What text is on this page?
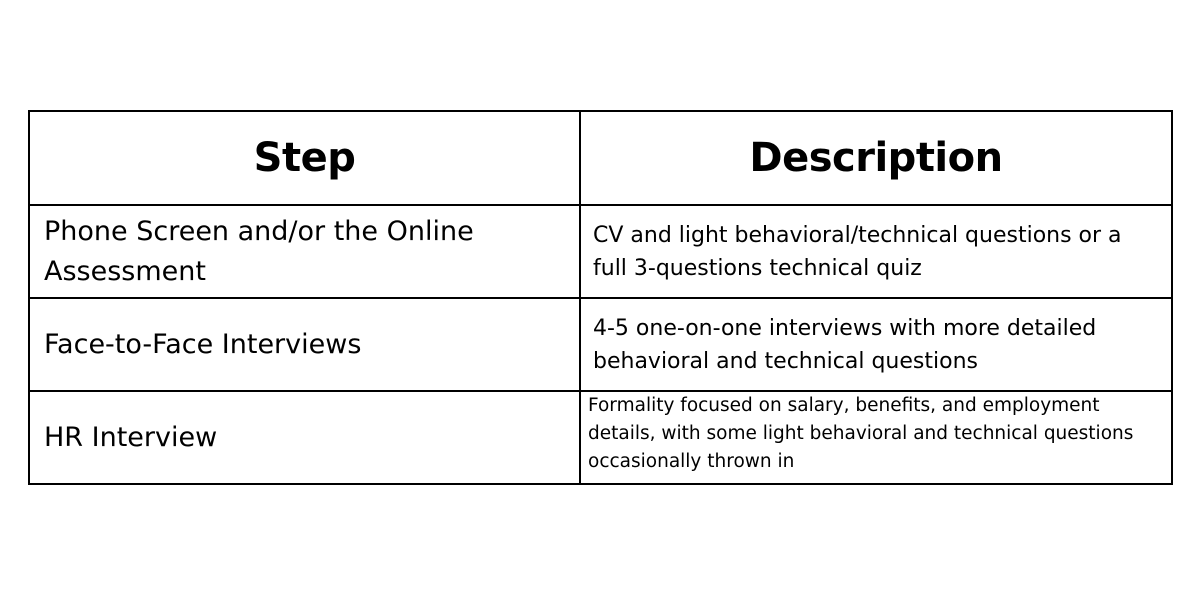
Step	Description
Phone Screen and/or the Online Assessment	CV and light behavioral/technical questions or a full 3-questions technical quiz
Face-to-Face Interviews	4-5 one-on-one interviews with more detailed behavioral and technical questions
HR Interview	Formality focused on salary, benefits, and employment details, with some light behavioral and technical questions occasionally thrown in
